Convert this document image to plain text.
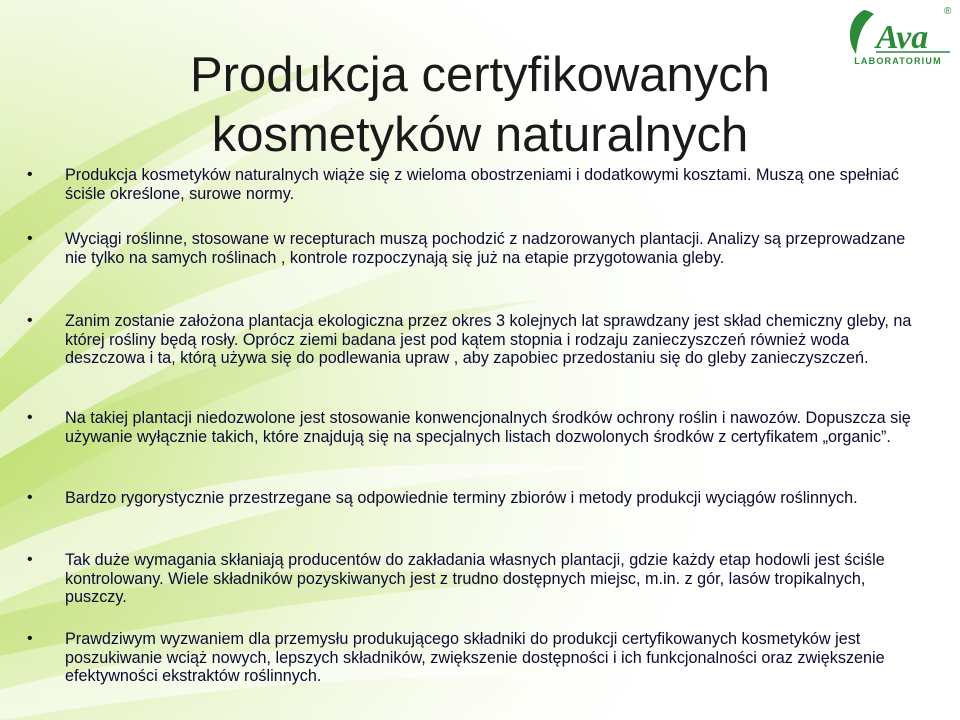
Produkcja certyfikowanych
kosmetyków naturalnych
Ava
®
LABORATORIUM
• Produkcja kosmetyków naturalnych wiąże się z wieloma obostrzeniami i dodatkowymi kosztami. Muszą one spełniać ściśle określone, surowe normy.
• Wyciągi roślinne, stosowane w recepturach muszą pochodzić z nadzorowanych plantacji. Analizy są przeprowadzane nie tylko na samych roślinach , kontrole rozpoczynają się już na etapie przygotowania gleby.
• Zanim zostanie założona plantacja ekologiczna przez okres 3 kolejnych lat sprawdzany jest skład chemiczny gleby, na której rośliny będą rosły. Oprócz ziemi badana jest pod kątem stopnia i rodzaju zanieczyszczeń również woda deszczowa i ta, którą używa się do podlewania upraw , aby zapobiec przedostaniu się do gleby zanieczyszczeń.
• Na takiej plantacji niedozwolone jest stosowanie konwencjonalnych środków ochrony roślin i nawozów. Dopuszcza się używanie wyłącznie takich, które znajdują się na specjalnych listach dozwolonych środków z certyfikatem „organic”.
• Bardzo rygorystycznie przestrzegane są odpowiednie terminy zbiorów i metody produkcji wyciągów roślinnych.
• Tak duże wymagania skłaniają producentów do zakładania własnych plantacji, gdzie każdy etap hodowli jest ściśle kontrolowany. Wiele składników pozyskiwanych jest z trudno dostępnych miejsc, m.in. z gór, lasów tropikalnych, puszczy.
• Prawdziwym wyzwaniem dla przemysłu produkującego składniki do produkcji certyfikowanych kosmetyków jest poszukiwanie wciąż nowych, lepszych składników, zwiększenie dostępności i ich funkcjonalności oraz zwiększenie efektywności ekstraktów roślinnych.
